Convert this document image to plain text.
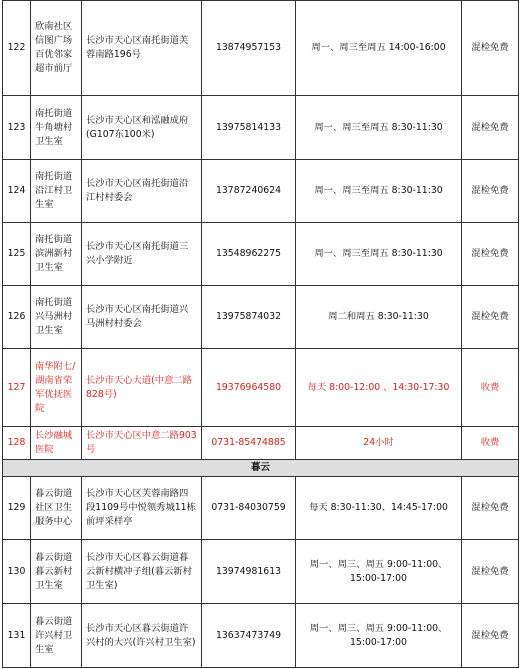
122	欣南社区信图广场百优邻家超市前厅	长沙市天心区南托街道芙蓉南路196号	13874957153	周一、周三至周五 14:00-16:00	混检免费
123	南托街道牛角塘村卫生室	长沙市天心区和泓融成府(G107东100米)	13975814133	周一、周三至周五 8:30-11:30	混检免费
124	南托街道沿江村卫生室	长沙市天心区南托街道沿江村村委会	13787240624	周一、周三至周五 8:30-11:30	混检免费
125	南托街道滨洲新村卫生室	长沙市天心区南托街道三兴小学附近	13548962275	周一、周三至周五 8:30-11:30	混检免费
126	南托街道兴马洲村卫生室	长沙市天心区南托街道兴马洲村村委会	13975874032	周二和周五 8:30-11:30	混检免费
127	南华附七/湖南省荣军优抚医院	长沙市天心大道(中意二路828号)	19376964580	每天 8:00-12:00 、14:30-17:30	收费
128	长沙融城医院	长沙市天心区中意二路903号	0731-85474885	24小时	收费
暮云					
129	暮云街道社区卫生服务中心	长沙市天心区芙蓉南路四段1109号中悦领秀城11栋前坪采样亭	0731-84030759	每天 8:30-11:30、14:45-17:00	混检免费
130	暮云街道暮云新村卫生室	长沙市天心区暮云街道暮云新村横冲子组(暮云新村卫生室)	13974981613	周一、周三、周五 9:00-11:00、15:00-17:00	混检免费
131	暮云街道许兴村卫生室	长沙市天心区暮云街道许兴村的大兴(许兴村卫生室)	13637473749	周一、周三、周五 9:00-11:00、15:00-17:00	混检免费
